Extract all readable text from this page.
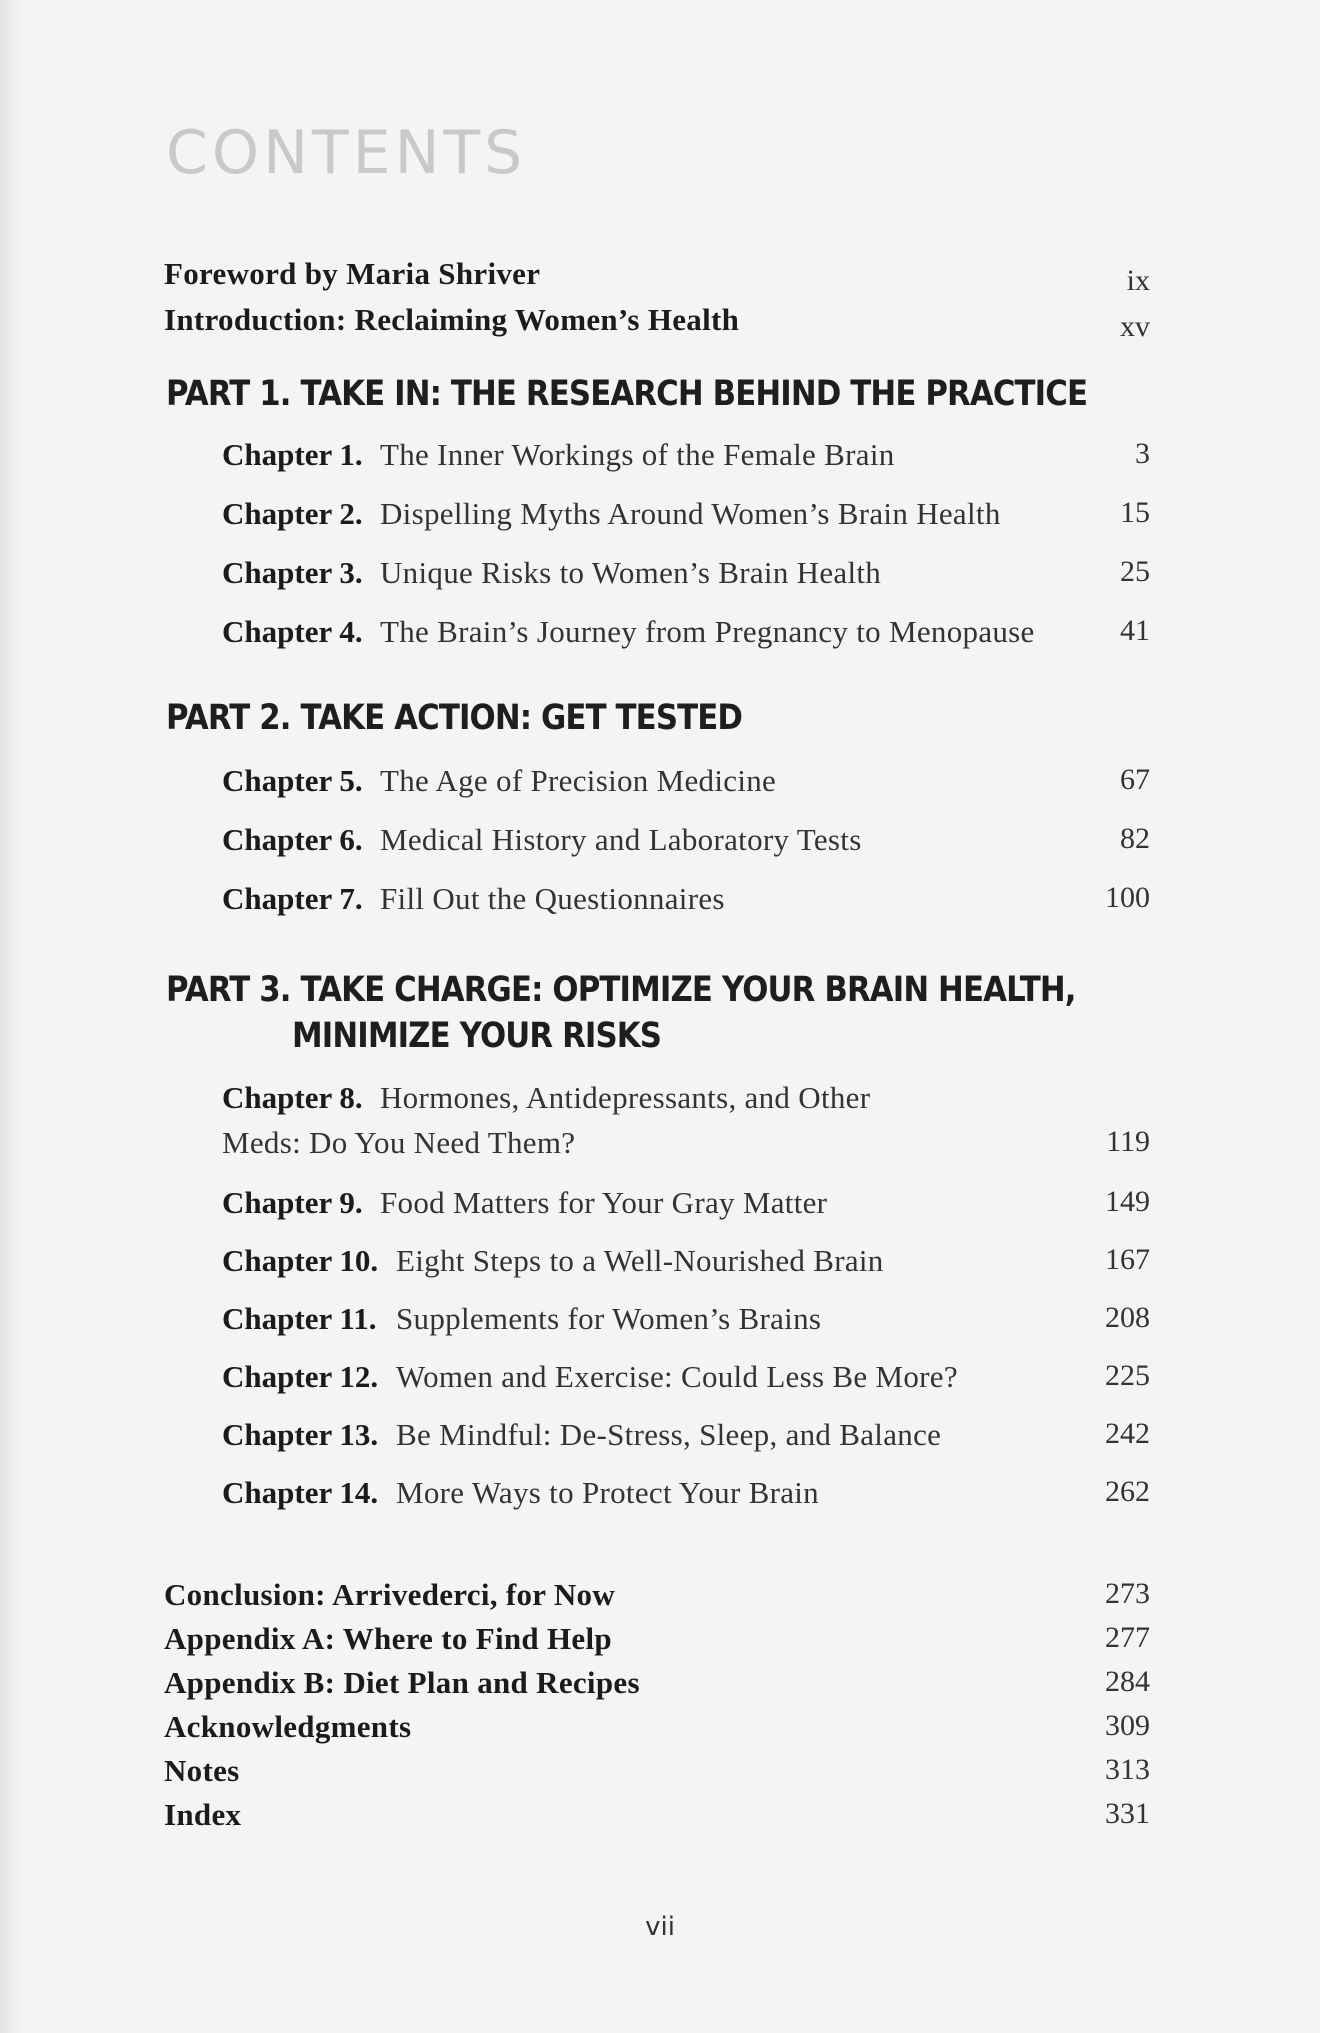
CONTENTS
Foreword by Maria Shriver	ix
Introduction: Reclaiming Women’s Health	xv
PART 1. TAKE IN: THE RESEARCH BEHIND THE PRACTICE
Chapter 1. The Inner Workings of the Female Brain	3
Chapter 2. Dispelling Myths Around Women’s Brain Health	15
Chapter 3. Unique Risks to Women’s Brain Health	25
Chapter 4. The Brain’s Journey from Pregnancy to Menopause	41
PART 2. TAKE ACTION: GET TESTED
Chapter 5. The Age of Precision Medicine	67
Chapter 6. Medical History and Laboratory Tests	82
Chapter 7. Fill Out the Questionnaires	100
PART 3. TAKE CHARGE: OPTIMIZE YOUR BRAIN HEALTH,
MINIMIZE YOUR RISKS
Chapter 8. Hormones, Antidepressants, and Other
Meds: Do You Need Them?	119
Chapter 9. Food Matters for Your Gray Matter	149
Chapter 10. Eight Steps to a Well-Nourished Brain	167
Chapter 11. Supplements for Women’s Brains	208
Chapter 12. Women and Exercise: Could Less Be More?	225
Chapter 13. Be Mindful: De-Stress, Sleep, and Balance	242
Chapter 14. More Ways to Protect Your Brain	262
Conclusion: Arrivederci, for Now	273
Appendix A: Where to Find Help	277
Appendix B: Diet Plan and Recipes	284
Acknowledgments	309
Notes	313
Index	331
vii
